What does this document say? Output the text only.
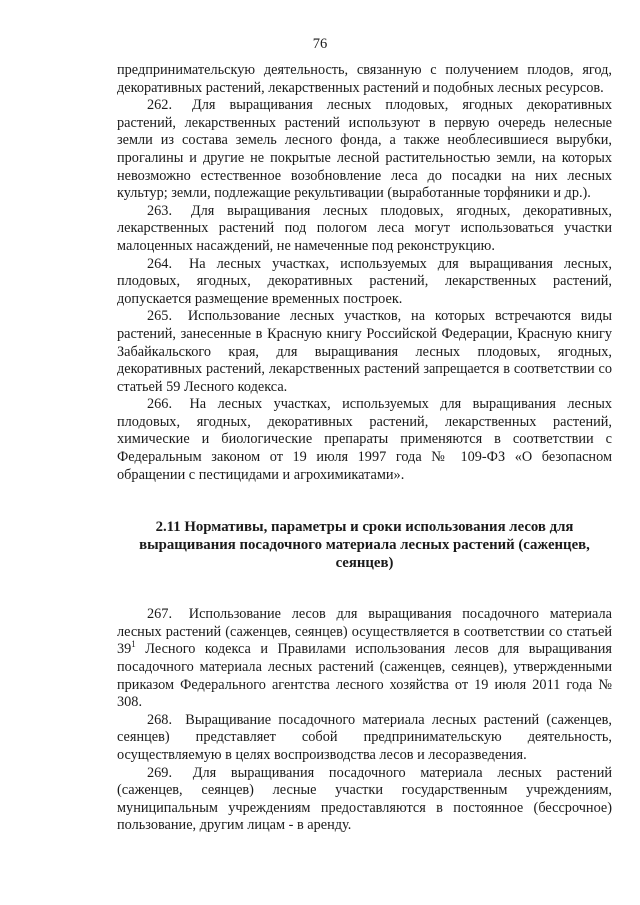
76

предпринимательскую деятельность, связанную с получением плодов, ягод, декоративных растений, лекарственных растений и подобных лесных ресурсов.

262. Для выращивания лесных плодовых, ягодных декоративных растений, лекарственных растений используют в первую очередь нелесные земли из состава земель лесного фонда, а также необлесившиеся вырубки, прогалины и другие не покрытые лесной растительностью земли, на которых невозможно естественное возобновление леса до посадки на них лесных культур; земли, подлежащие рекультивации (выработанные торфяники и др.).

263. Для выращивания лесных плодовых, ягодных, декоративных, лекарственных растений под пологом леса могут использоваться участки малоценных насаждений, не намеченные под реконструкцию.

264. На лесных участках, используемых для выращивания лесных, плодовых, ягодных, декоративных растений, лекарственных растений, допускается размещение временных построек.

265. Использование лесных участков, на которых встречаются виды растений, занесенные в Красную книгу Российской Федерации, Красную книгу Забайкальского края, для выращивания лесных плодовых, ягодных, декоративных растений, лекарственных растений запрещается в соответствии со статьей 59 Лесного кодекса.

266. На лесных участках, используемых для выращивания лесных плодовых, ягодных, декоративных растений, лекарственных растений, химические и биологические препараты применяются в соответствии с Федеральным законом от 19 июля 1997 года № 109-ФЗ «О безопасном обращении с пестицидами и агрохимикатами».

2.11 Нормативы, параметры и сроки использования лесов для выращивания посадочного материала лесных растений (саженцев, сеянцев)

267. Использование лесов для выращивания посадочного материала лесных растений (саженцев, сеянцев) осуществляется в соответствии со статьей $39^1$ Лесного кодекса и Правилами использования лесов для выращивания посадочного материала лесных растений (саженцев, сеянцев), утвержденными приказом Федерального агентства лесного хозяйства от 19 июля 2011 года № 308.

268. Выращивание посадочного материала лесных растений (саженцев, сеянцев) представляет собой предпринимательскую деятельность, осуществляемую в целях воспроизводства лесов и лесоразведения.

269. Для выращивания посадочного материала лесных растений (саженцев, сеянцев) лесные участки государственным учреждениям, муниципальным учреждениям предоставляются в постоянное (бессрочное) пользование, другим лицам - в аренду.
